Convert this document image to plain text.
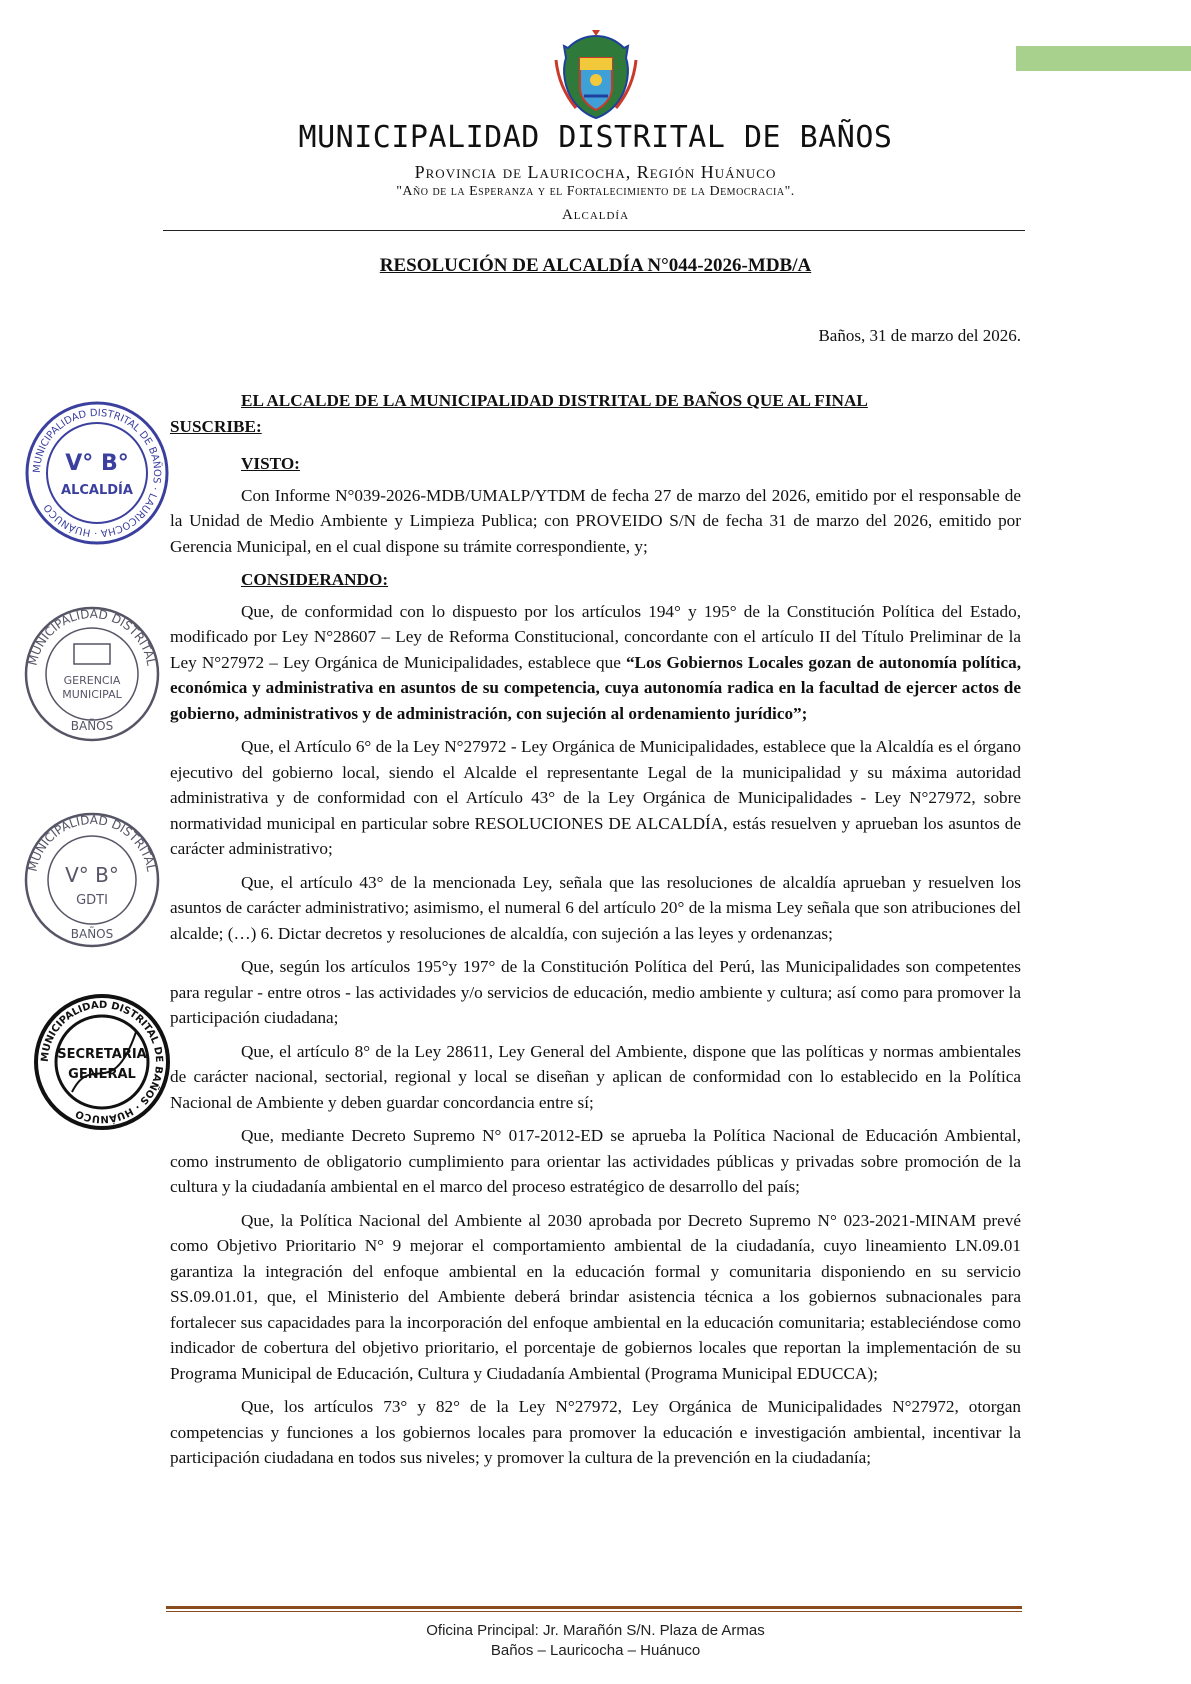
MUNICIPALIDAD DISTRITAL DE BAÑOS
Provincia de Lauricocha, Región Huánuco
"Año de la Esperanza y el Fortalecimiento de la Democracia".
Alcaldía
RESOLUCIÓN DE ALCALDÍA N°044-2026-MDB/A
Baños, 31 de marzo del 2026.
MUNICIPALIDAD DISTRITAL DE BAÑOS · LAURICOCHA · HUÁNUCO
V° B°
ALCALDÍA
MUNICIPALIDAD DISTRITAL
GERENCIA
MUNICIPAL
BAÑOS
MUNICIPALIDAD DISTRITAL
V° B°
GDTI
BAÑOS
MUNICIPALIDAD DISTRITAL DE BAÑOS · HUÁNUCO
SECRETARIA
GENERAL
EL ALCALDE DE LA MUNICIPALIDAD DISTRITAL DE BAÑOS QUE AL FINAL
SUSCRIBE:
VISTO:

Con Informe N°039-2026-MDB/UMALP/YTDM de fecha 27 de marzo del 2026, emitido por el responsable de la Unidad de Medio Ambiente y Limpieza Publica; con PROVEIDO S/N de fecha 31 de marzo del 2026, emitido por Gerencia Municipal, en el cual dispone su trámite correspondiente, y;

CONSIDERANDO:

Que, de conformidad con lo dispuesto por los artículos 194° y 195° de la Constitución Política del Estado, modificado por Ley N°28607 – Ley de Reforma Constitucional, concordante con el artículo II del Título Preliminar de la Ley N°27972 – Ley Orgánica de Municipalidades, establece que “Los Gobiernos Locales gozan de autonomía política, económica y administrativa en asuntos de su competencia, cuya autonomía radica en la facultad de ejercer actos de gobierno, administrativos y de administración, con sujeción al ordenamiento jurídico”;

Que, el Artículo 6° de la Ley N°27972 - Ley Orgánica de Municipalidades, establece que la Alcaldía es el órgano ejecutivo del gobierno local, siendo el Alcalde el representante Legal de la municipalidad y su máxima autoridad administrativa y de conformidad con el Artículo 43° de la Ley Orgánica de Municipalidades - Ley N°27972, sobre normatividad municipal en particular sobre RESOLUCIONES DE ALCALDÍA, estás resuelven y aprueban los asuntos de carácter administrativo;

Que, el artículo 43° de la mencionada Ley, señala que las resoluciones de alcaldía aprueban y resuelven los asuntos de carácter administrativo; asimismo, el numeral 6 del artículo 20° de la misma Ley señala que son atribuciones del alcalde; (…) 6. Dictar decretos y resoluciones de alcaldía, con sujeción a las leyes y ordenanzas;

Que, según los artículos 195°y 197° de la Constitución Política del Perú, las Municipalidades son competentes para regular - entre otros - las actividades y/o servicios de educación, medio ambiente y cultura; así como para promover la participación ciudadana;

Que, el artículo 8° de la Ley 28611, Ley General del Ambiente, dispone que las políticas y normas ambientales de carácter nacional, sectorial, regional y local se diseñan y aplican de conformidad con lo establecido en la Política Nacional de Ambiente y deben guardar concordancia entre sí;

Que, mediante Decreto Supremo N° 017-2012-ED se aprueba la Política Nacional de Educación Ambiental, como instrumento de obligatorio cumplimiento para orientar las actividades públicas y privadas sobre promoción de la cultura y la ciudadanía ambiental en el marco del proceso estratégico de desarrollo del país;

Que, la Política Nacional del Ambiente al 2030 aprobada por Decreto Supremo N° 023-2021-MINAM prevé como Objetivo Prioritario N° 9 mejorar el comportamiento ambiental de la ciudadanía, cuyo lineamiento LN.09.01 garantiza la integración del enfoque ambiental en la educación formal y comunitaria disponiendo en su servicio SS.09.01.01, que, el Ministerio del Ambiente deberá brindar asistencia técnica a los gobiernos subnacionales para fortalecer sus capacidades para la incorporación del enfoque ambiental en la educación comunitaria; estableciéndose como indicador de cobertura del objetivo prioritario, el porcentaje de gobiernos locales que reportan la implementación de su Programa Municipal de Educación, Cultura y Ciudadanía Ambiental (Programa Municipal EDUCCA);

Que, los artículos 73° y 82° de la Ley N°27972, Ley Orgánica de Municipalidades N°27972, otorgan competencias y funciones a los gobiernos locales para promover la educación e investigación ambiental, incentivar la participación ciudadana en todos sus niveles; y promover la cultura de la prevención en la ciudadanía;

Oficina Principal: Jr. Marañón S/N. Plaza de Armas
Baños – Lauricocha – Huánuco
